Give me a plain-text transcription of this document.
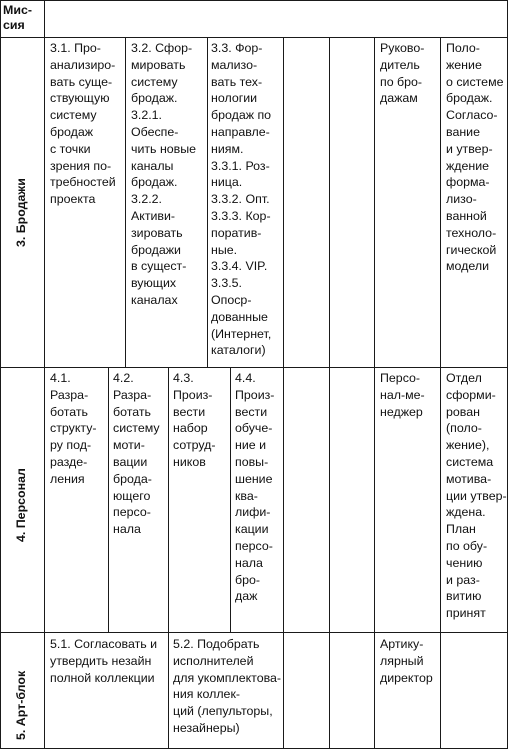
Мис-
сия
3. Бродажи
4. Персонал
5. Арт-блок
3.1. Про-
анализиро-
вать суще-
ствующую
систему
бродаж
с точки
зрения по-
требностей
проекта
3.2. Сфор-
мировать
систему
бродаж.
3.2.1.
Обеспе-
чить новые
каналы
бродаж.
3.2.2.
Активи-
зировать
бродажи
в сущест-
вующих
каналах
3.3. Фор-
мализо-
вать тех-
нологии
бродаж по
направле-
ниям.
3.3.1. Роз-
ница.
3.3.2. Опт.
3.3.3. Кор-
поратив-
ные.
3.3.4. VIP.
3.3.5.
Опоср-
дованные
(Интернет,
каталоги)
Руково-
дитель
по бро-
дажам
Поло-
жение
о системе
бродаж.
Согласо-
вание
и утвер-
ждение
форма-
лизо-
ванной
техноло-
гической
модели
4.1.
Разра-
ботать
структу-
ру под-
разде-
ления
4.2.
Разра-
ботать
систему
моти-
вации
брода-
ющего
персо-
нала
4.3.
Произ-
вести
набор
сотруд-
ников
4.4.
Произ-
вести
обуче-
ние и
повы-
шение
ква-
лифи-
кации
персо-
нала
бро-
даж
Персо-
нал-ме-
неджер
Отдел
сформи-
рован
(поло-
жение),
система
мотива-
ции утвер-
ждена.
План
по обу-
чению
и раз-
витию
принят
5.1. Согласовать и
утвердить незайн
полной коллекции
5.2. Подобрать
исполнителей
для укомплектова-
ния коллек-
ций (лепульторы,
незайнеры)
Артику-
лярный
директор
